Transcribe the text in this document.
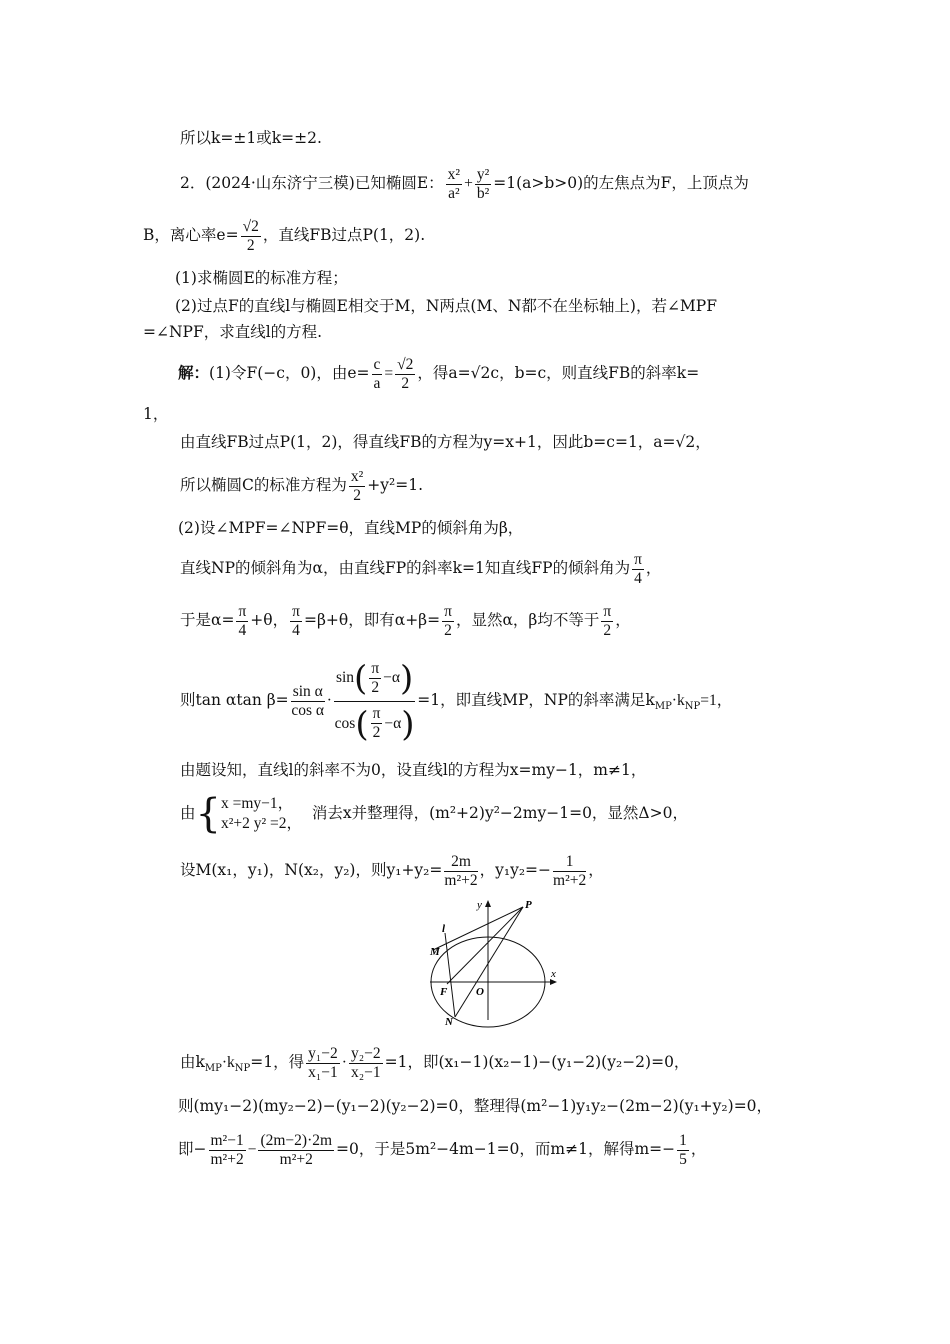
所以k=±1或k=±2.
2．(2024·山东济宁三模)已知椭圆E： $\frac{\text{x²}}{\text{a²}} + \frac{\text{y²}}{\text{b²}} =1(a>b>0)$的左焦点为F，上顶点为
B，离心率$e= \frac{√2}{2}$ ，直线FB过点P(1，2).
(1)求椭圆E的标准方程；
(2)过点F的直线l与椭圆E相交于M，N两点(M、N都不在坐标轴上)，若∠MPF
=∠NPF，求直线l的方程.
解：(1)令F(−c，0)，由$e= \frac{c}{a} = \frac{√2}{2}$ ，得a=√2c，b=c，则直线FB的斜率k=
1，
由直线FB过点P(1，2)，得直线FB的方程为y=x+1，因此b=c=1，a=√2，
所以椭圆C的标准方程为 $\frac{\text{x²}}{2} +y^2=1$.
(2)设∠MPF=∠NPF=θ，直线MP的倾斜角为β，
直线NP的倾斜角为α，由直线FP的斜率k=1知直线FP的倾斜角为 $\frac{\pi}{4}$ ，
于是$\alpha= \frac{\pi}{4} +\theta$， $\frac{\pi}{4} =\beta+\theta$，即有$\alpha+\beta= \frac{\pi}{2}$ ，显然α，β均不等于 $\frac{\pi}{2}$ ，
则tan αtan $\beta= \frac{\text{sin α}}{\text{cos α}} \cdot \frac{\sin( \frac{\pi}{2} -\alpha)}{\cos( \frac{\pi}{2} -\alpha)} =1$，即直线MP，NP的斜率满足$k_{MP}\cdot k_{NP}=1$，
由题设知，直线l的斜率不为0，设直线l的方程为x=my−1，m≠1，
由{ x =my−1，
x²+2 y² =2，
消去x并整理得，(m²+2)y²−2my−1=0，显然Δ>0，
设M(x₁，y₁)，N(x₂，y₂)，则$y_1+y_2= \frac{2m}{\text{m²+2}}$ ，$y_1y_2=- \frac{1}{\text{m²+2}}$ ，
y
x
P
l
M
F	O
N
由$k_{MP}\cdot k_{NP}=1$，得 $\frac{\text{y₁−2}}{\text{x₁−1}} \cdot \frac{\text{y₂−2}}{\text{x₂−1}} =1$，即(x₁−1)(x₂−1)−(y₁−2)(y₂−2)=0，
则(my₁−2)(my₂−2)−(y₁−2)(y₂−2)=0，整理得(m²−1)y₁y₂−(2m−2)(y₁+y₂)=0，
即− $\frac{\text{m²−1}}{\text{m²+2}} - \frac{(2m-2)\cdot 2m}{\text{m²+2}} =0$，于是5m²−4m−1=0，而m≠1，解得$m=- \frac{1}{5}$ ，
